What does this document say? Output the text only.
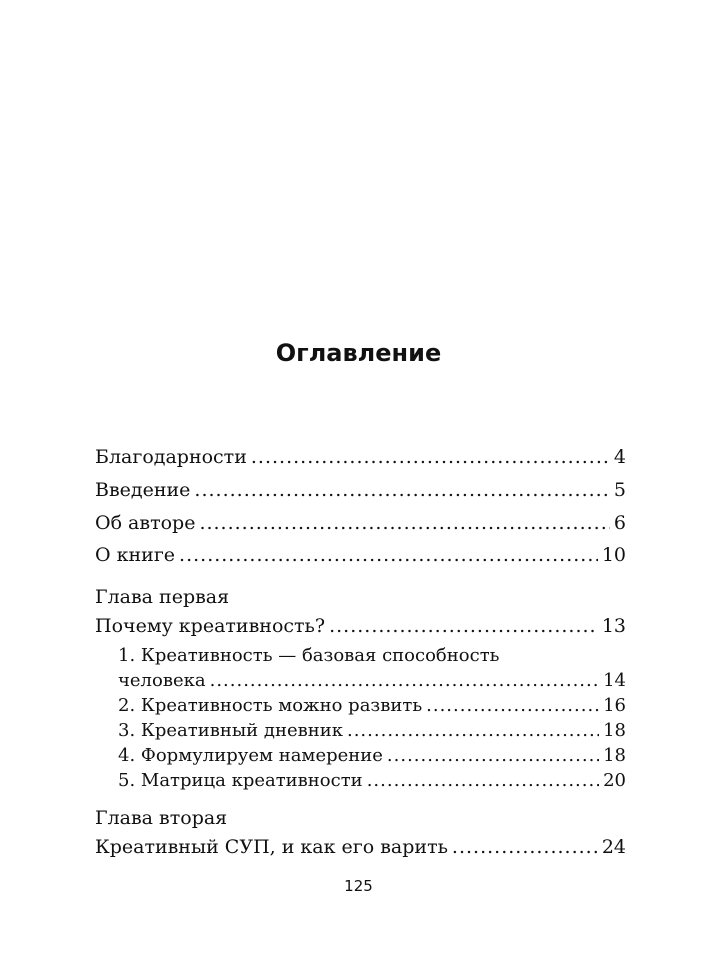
Оглавление
Благодарности .....	4
Введение .....	5
Об авторе .....	6
О книге .....	10
Глава первая
Почему креативность? .....	13
1. Креативность — базовая способность
человека .....	14
2. Креативность можно развить .....	16
3. Креативный дневник .....	18
4. Формулируем намерение .....	18
5. Матрица креативности .....	20
Глава вторая
Креативный СУП, и как его варить .....	24
125
